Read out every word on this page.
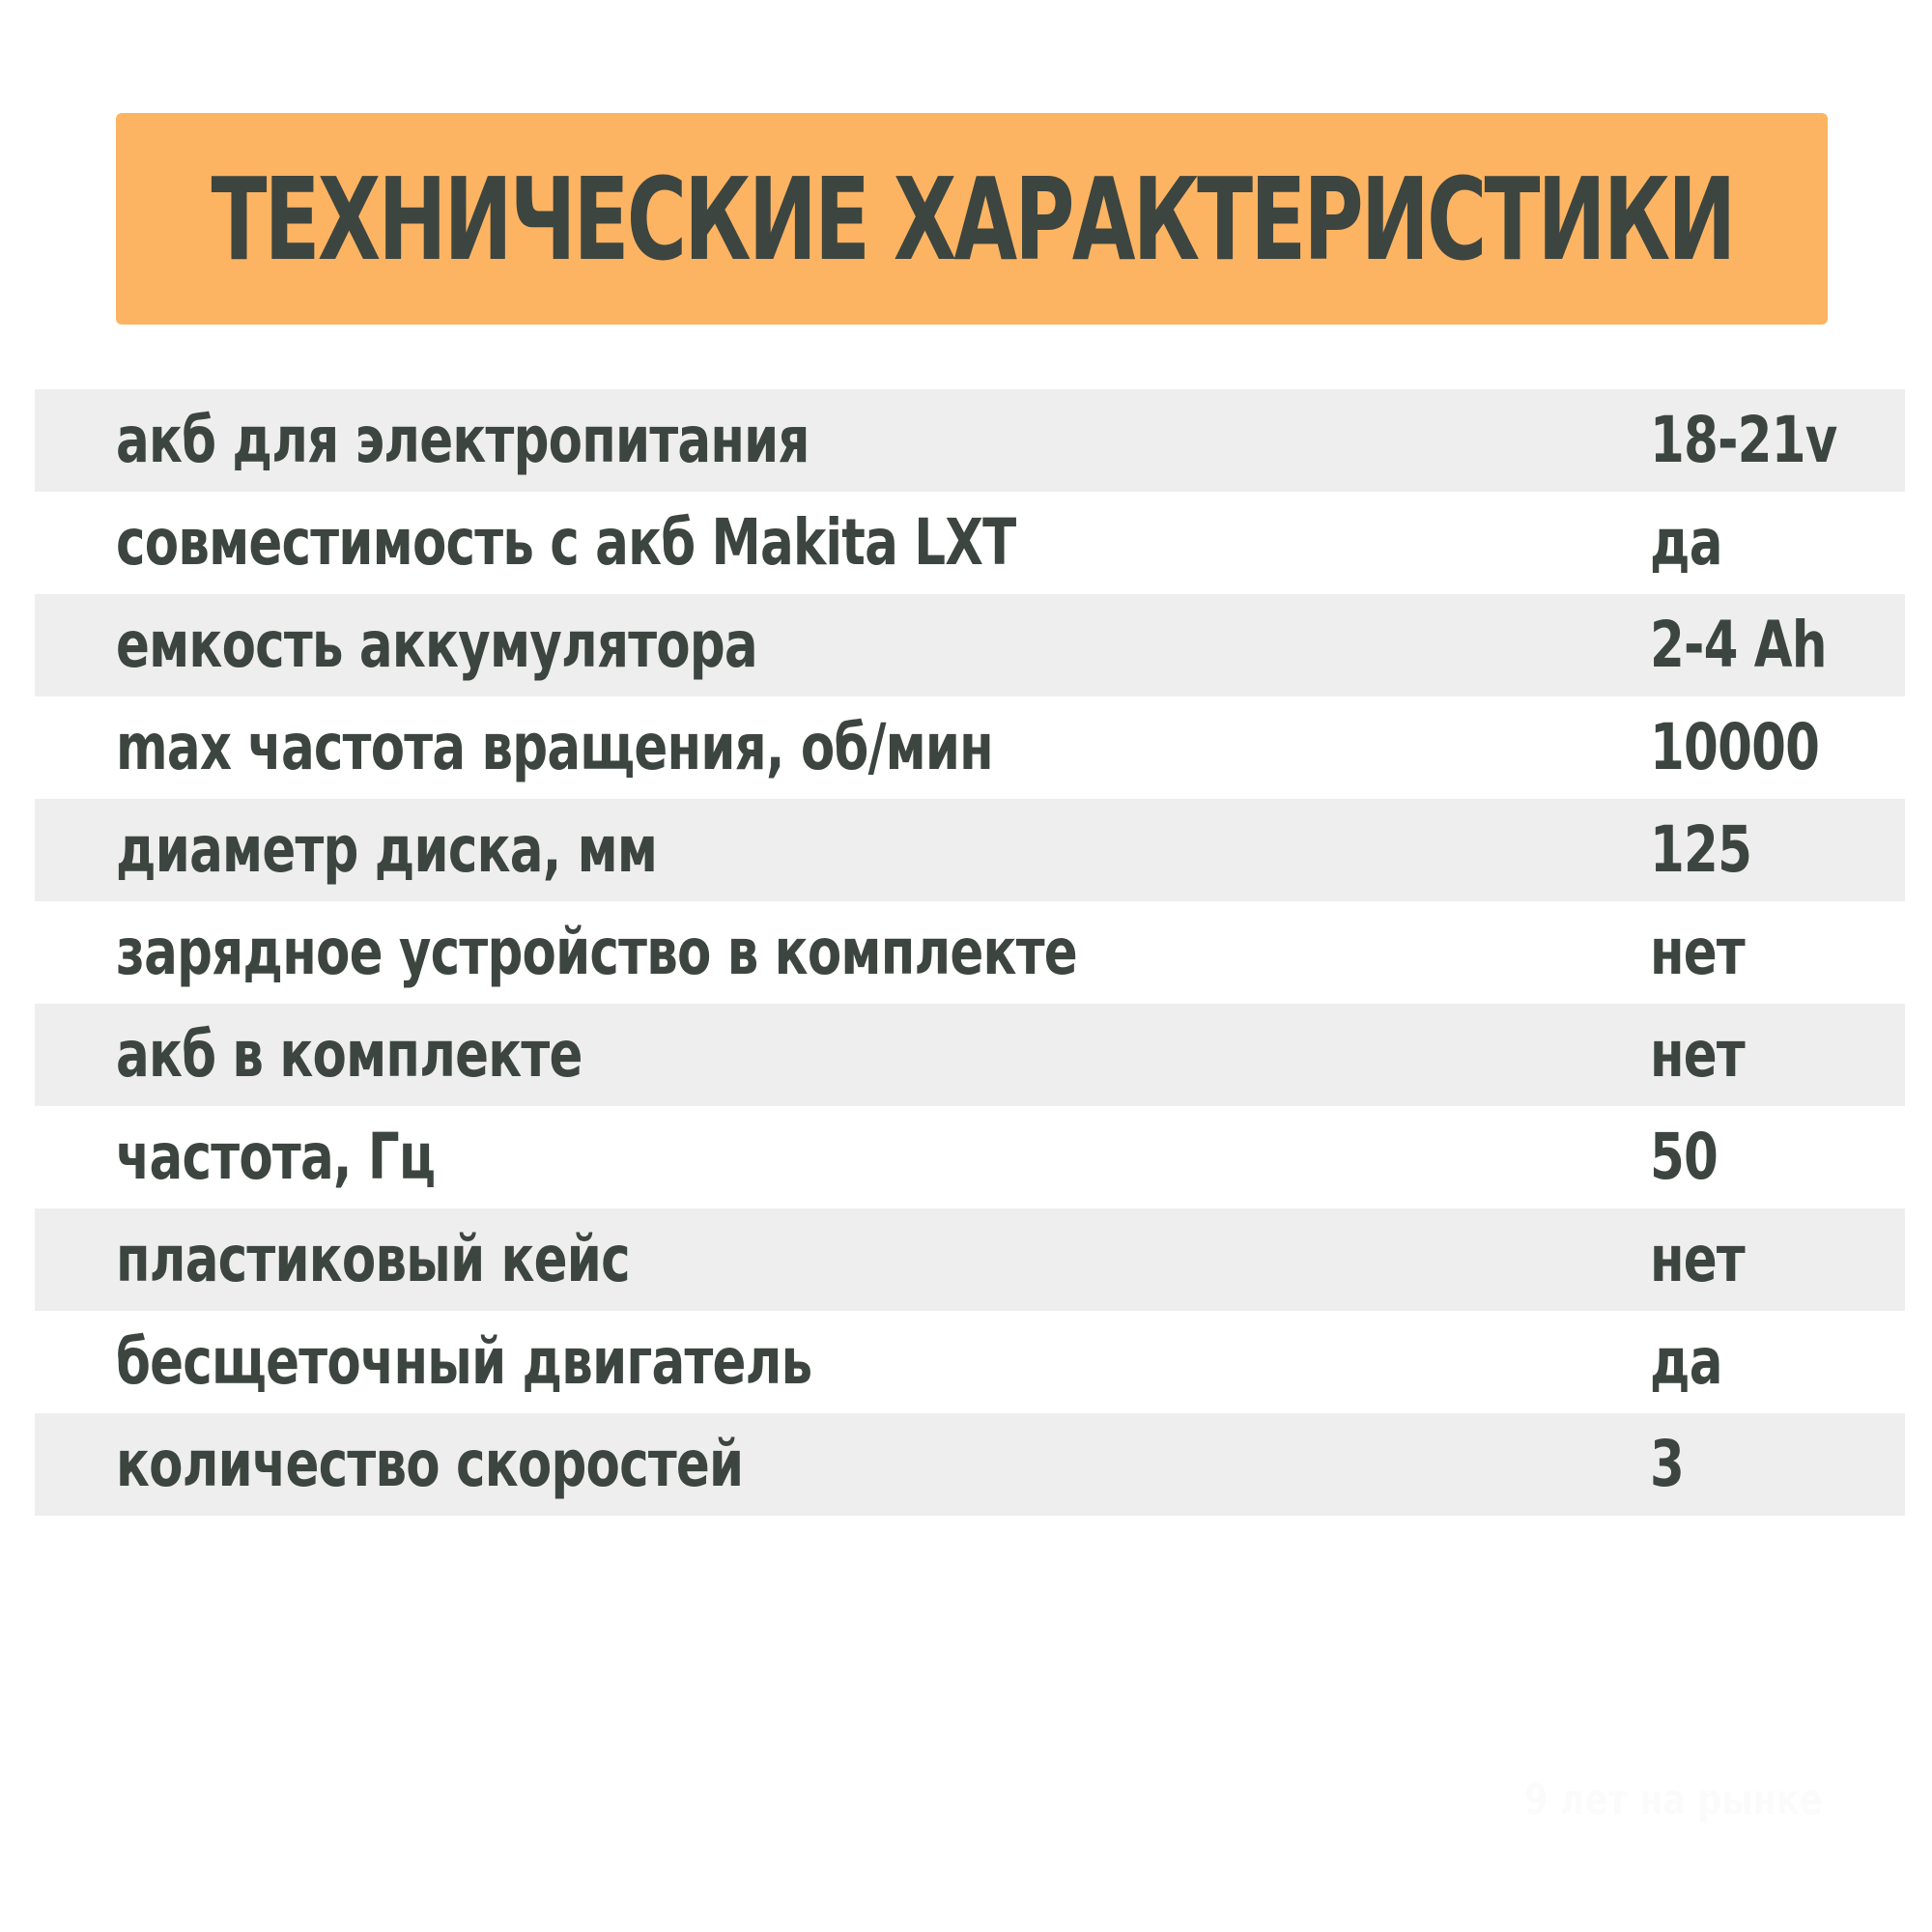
ТЕХНИЧЕСКИЕ ХАРАКТЕРИСТИКИ
акб для электропитания	18-21v
совместимость с акб Makita LXT	да
емкость аккумулятора	2-4 Ah
max частота вращения, об/мин	10000
диаметр диска, мм	125
зарядное устройство в комплекте	нет
акб в комплекте	нет
частота, Гц	50
пластиковый кейс	нет
бесщеточный двигатель	да
количество скоростей	3
9 лет на рынке
